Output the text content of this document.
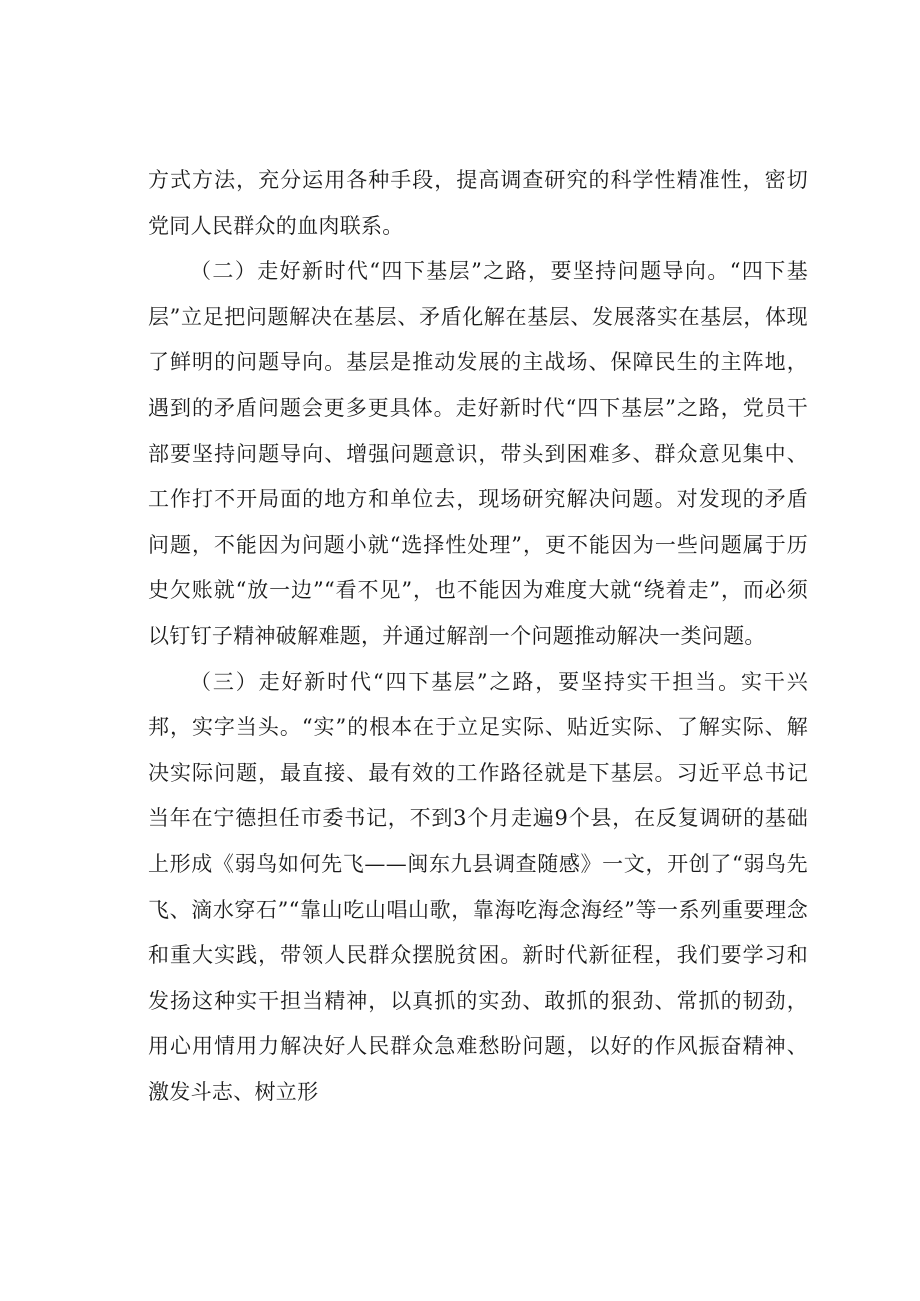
方式方法，充分运用各种手段，提高调查研究的科学性精准性，密切党同人民群众的血肉联系。

（二）走好新时代“四下基层”之路，要坚持问题导向。“四下基层”立足把问题解决在基层、矛盾化解在基层、发展落实在基层，体现了鲜明的问题导向。基层是推动发展的主战场、保障民生的主阵地，遇到的矛盾问题会更多更具体。走好新时代“四下基层”之路，党员干部要坚持问题导向、增强问题意识，带头到困难多、群众意见集中、工作打不开局面的地方和单位去，现场研究解决问题。对发现的矛盾问题，不能因为问题小就“选择性处理”，更不能因为一些问题属于历史欠账就“放一边”“看不见”，也不能因为难度大就“绕着走”，而必须以钉钉子精神破解难题，并通过解剖一个问题推动解决一类问题。

（三）走好新时代“四下基层”之路，要坚持实干担当。实干兴邦，实字当头。“实”的根本在于立足实际、贴近实际、了解实际、解决实际问题，最直接、最有效的工作路径就是下基层。习近平总书记当年在宁德担任市委书记，不到3个月走遍9个县，在反复调研的基础上形成《弱鸟如何先飞——闽东九县调查随感》一文，开创了“弱鸟先飞、滴水穿石”“靠山吃山唱山歌，靠海吃海念海经”等一系列重要理念和重大实践，带领人民群众摆脱贫困。新时代新征程，我们要学习和发扬这种实干担当精神，以真抓的实劲、敢抓的狠劲、常抓的韧劲，用心用情用力解决好人民群众急难愁盼问题，以好的作风振奋精神、激发斗志、树立形
